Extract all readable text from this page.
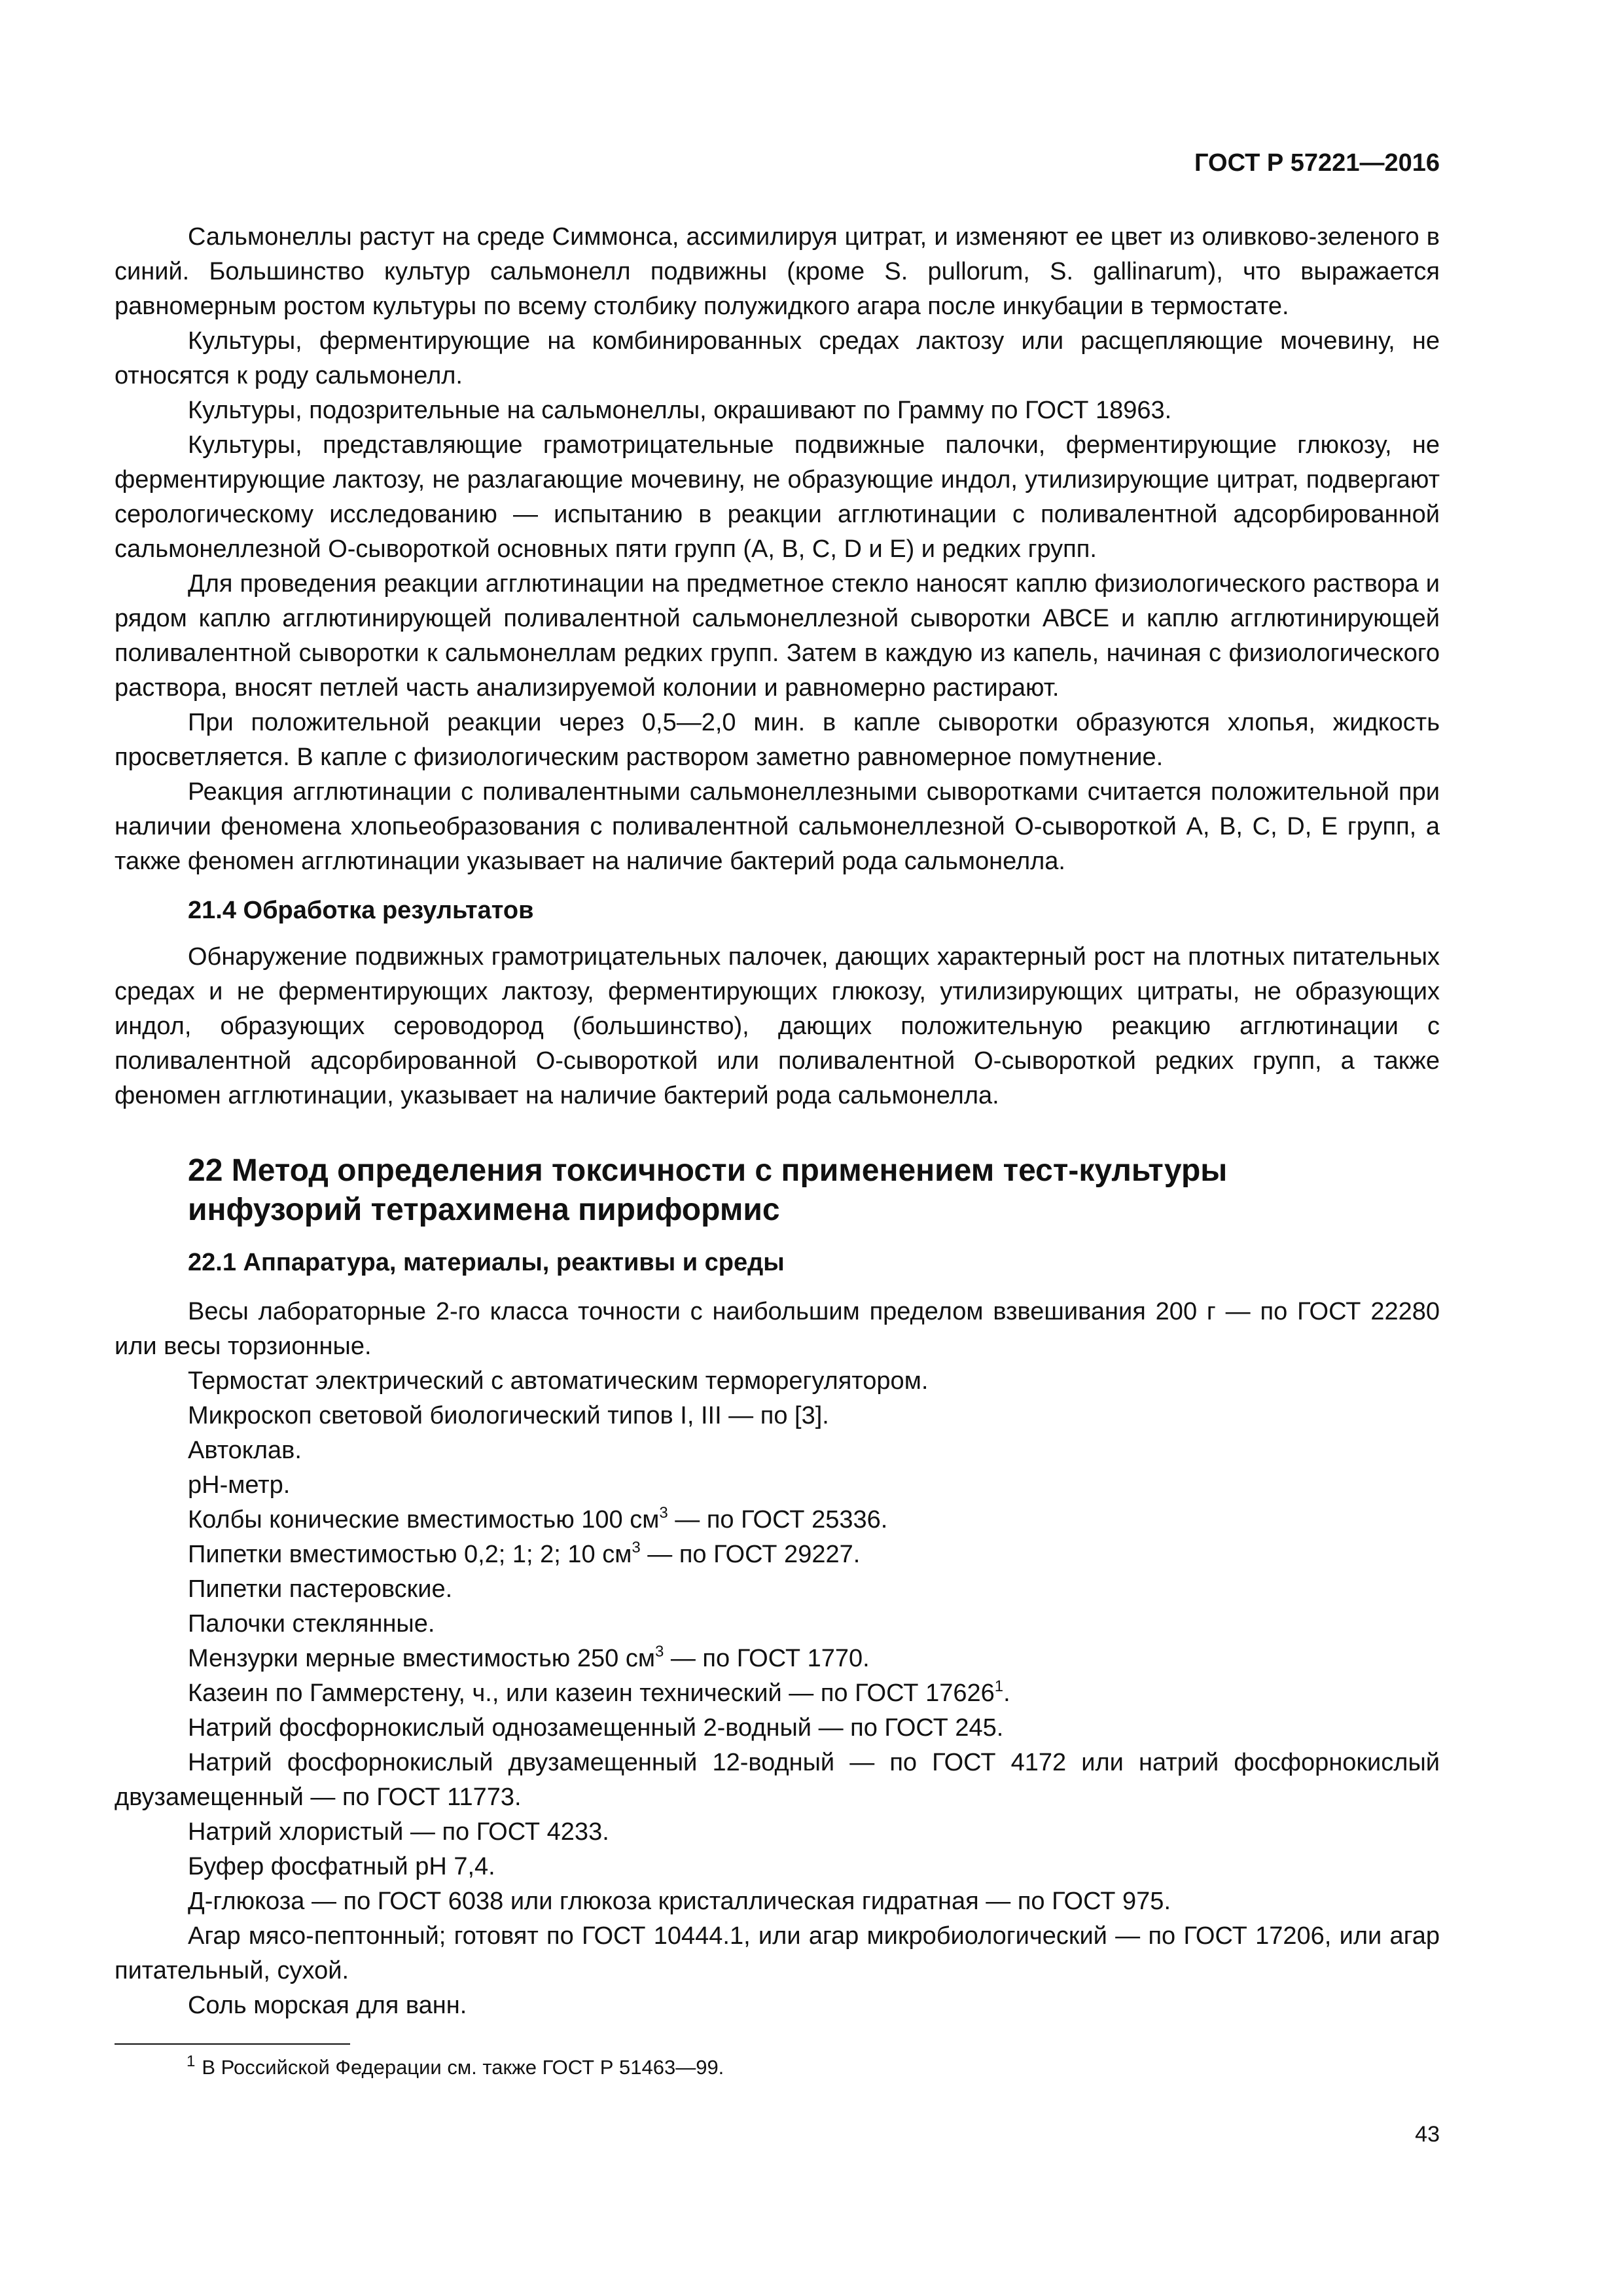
ГОСТ Р 57221—2016

Сальмонеллы растут на среде Симмонса, ассимилируя цитрат, и изменяют ее цвет из оливково-зеленого в синий. Большинство культур сальмонелл подвижны (кроме S. pullorum, S. gallinarum), что выражается равномерным ростом культуры по всему столбику полужидкого агара после инкубации в термостате.

Культуры, ферментирующие на комбинированных средах лактозу или расщепляющие мочевину, не относятся к роду сальмонелл.

Культуры, подозрительные на сальмонеллы, окрашивают по Грамму по ГОСТ 18963.

Культуры, представляющие грамотрицательные подвижные палочки, ферментирующие глюкозу, не ферментирующие лактозу, не разлагающие мочевину, не образующие индол, утилизирующие цитрат, подвергают серологическому исследованию — испытанию в реакции агглютинации с поливалентной адсорбированной сальмонеллезной О-сывороткой основных пяти групп (А, В, С, D и Е) и редких групп.

Для проведения реакции агглютинации на предметное стекло наносят каплю физиологического раствора и рядом каплю агглютинирующей поливалентной сальмонеллезной сыворотки АВСЕ и каплю агглютинирующей поливалентной сыворотки к сальмонеллам редких групп. Затем в каждую из капель, начиная с физиологического раствора, вносят петлей часть анализируемой колонии и равномерно растирают.

При положительной реакции через 0,5—2,0 мин. в капле сыворотки образуются хлопья, жидкость просветляется. В капле с физиологическим раствором заметно равномерное помутнение.

Реакция агглютинации с поливалентными сальмонеллезными сыворотками считается положительной при наличии феномена хлопьеобразования с поливалентной сальмонеллезной О-сывороткой А, В, С, D, Е групп, а также феномен агглютинации указывает на наличие бактерий рода сальмонелла.

21.4 Обработка результатов

Обнаружение подвижных грамотрицательных палочек, дающих характерный рост на плотных питательных средах и не ферментирующих лактозу, ферментирующих глюкозу, утилизирующих цитраты, не образующих индол, образующих сероводород (большинство), дающих положительную реакцию агглютинации с поливалентной адсорбированной О-сывороткой или поливалентной О-сывороткой редких групп, а также феномен агглютинации, указывает на наличие бактерий рода сальмонелла.

22 Метод определения токсичности с применением тест-культуры
инфузорий тетрахимена пириформис
22.1 Аппаратура, материалы, реактивы и среды

Весы лабораторные 2-го класса точности с наибольшим пределом взвешивания 200 г — по ГОСТ 22280 или весы торзионные.

Термостат электрический с автоматическим терморегулятором.

Микроскоп световой биологический типов I, III — по [3].

Автоклав.

рН-метр.

Колбы конические вместимостью 100 $см^3$ — по ГОСТ 25336.

Пипетки вместимостью 0,2; 1; 2; 10 $см^3$ — по ГОСТ 29227.

Пипетки пастеровские.

Палочки стеклянные.

Мензурки мерные вместимостью 250 $см^3$ — по ГОСТ 1770.

Казеин по Гаммерстену, ч., или казеин технический — по ГОСТ 17626$^1$.

Натрий фосфорнокислый однозамещенный 2-водный — по ГОСТ 245.

Натрий фосфорнокислый двузамещенный 12-водный — по ГОСТ 4172 или натрий фосфорнокислый двузамещенный — по ГОСТ 11773.

Натрий хлористый — по ГОСТ 4233.

Буфер фосфатный рН 7,4.

Д-глюкоза — по ГОСТ 6038 или глюкоза кристаллическая гидратная — по ГОСТ 975.

Агар мясо-пептонный; готовят по ГОСТ 10444.1, или агар микробиологический — по ГОСТ 17206, или агар питательный, сухой.

Соль морская для ванн.

$^1$ В Российской Федерации см. также ГОСТ Р 51463—99.
43
